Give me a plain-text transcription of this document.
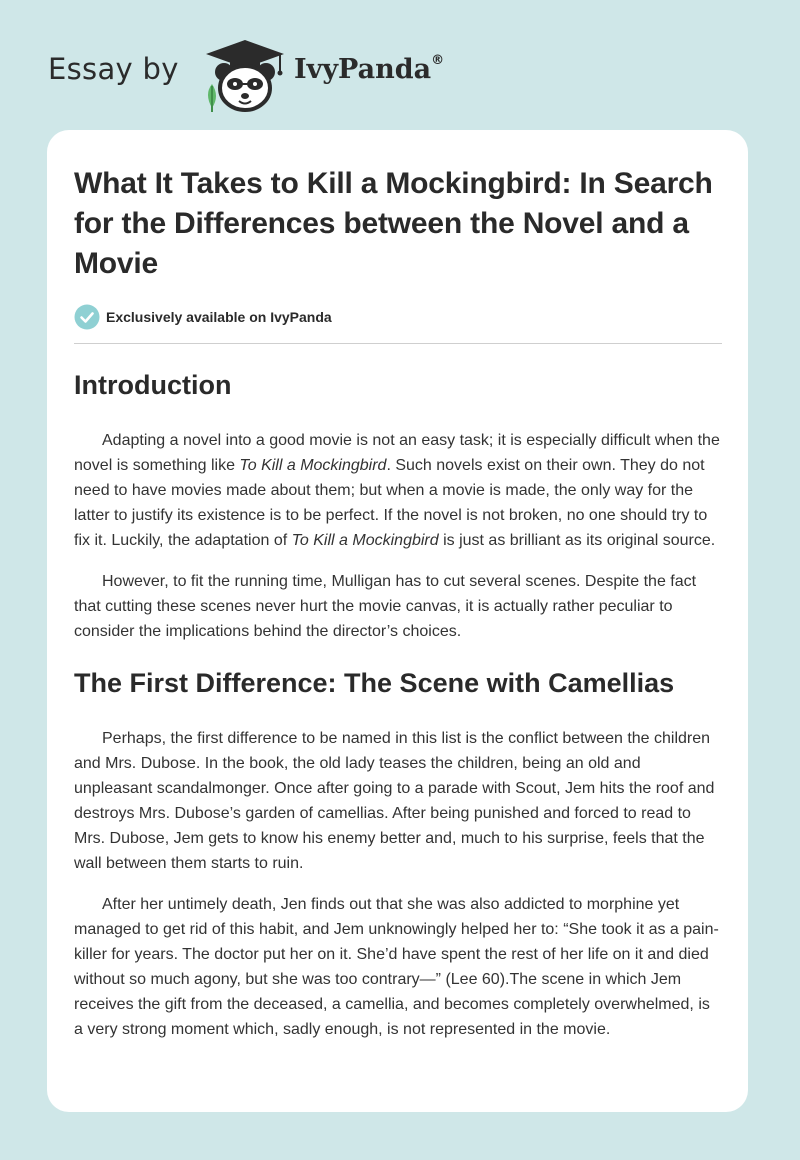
Essay by	IvyPanda®
What It Takes to Kill a Mockingbird: In Search for the Differences between the Novel and a Movie
Exclusively available on IvyPanda
Introduction

Adapting a novel into a good movie is not an easy task; it is especially difficult when the novel is something like To Kill a Mockingbird. Such novels exist on their own. They do not need to have movies made about them; but when a movie is made, the only way for the latter to justify its existence is to be perfect. If the novel is not broken, no one should try to fix it. Luckily, the adaptation of To Kill a Mockingbird is just as brilliant as its original source.

However, to fit the running time, Mulligan has to cut several scenes. Despite the fact that cutting these scenes never hurt the movie canvas, it is actually rather peculiar to consider the implications behind the director’s choices.

The First Difference: The Scene with Camellias

Perhaps, the first difference to be named in this list is the conflict between the children and Mrs. Dubose. In the book, the old lady teases the children, being an old and unpleasant scandalmonger. Once after going to a parade with Scout, Jem hits the roof and destroys Mrs. Dubose’s garden of camellias. After being punished and forced to read to Mrs. Dubose, Jem gets to know his enemy better and, much to his surprise, feels that the wall between them starts to ruin.

After her untimely death, Jen finds out that she was also addicted to morphine yet managed to get rid of this habit, and Jem unknowingly helped her to: “She took it as a pain-killer for years. The doctor put her on it. She’d have spent the rest of her life on it and died without so much agony, but she was too contrary—” (Lee 60).The scene in which Jem receives the gift from the deceased, a camellia, and becomes completely overwhelmed, is a very strong moment which, sadly enough, is not represented in the movie.
